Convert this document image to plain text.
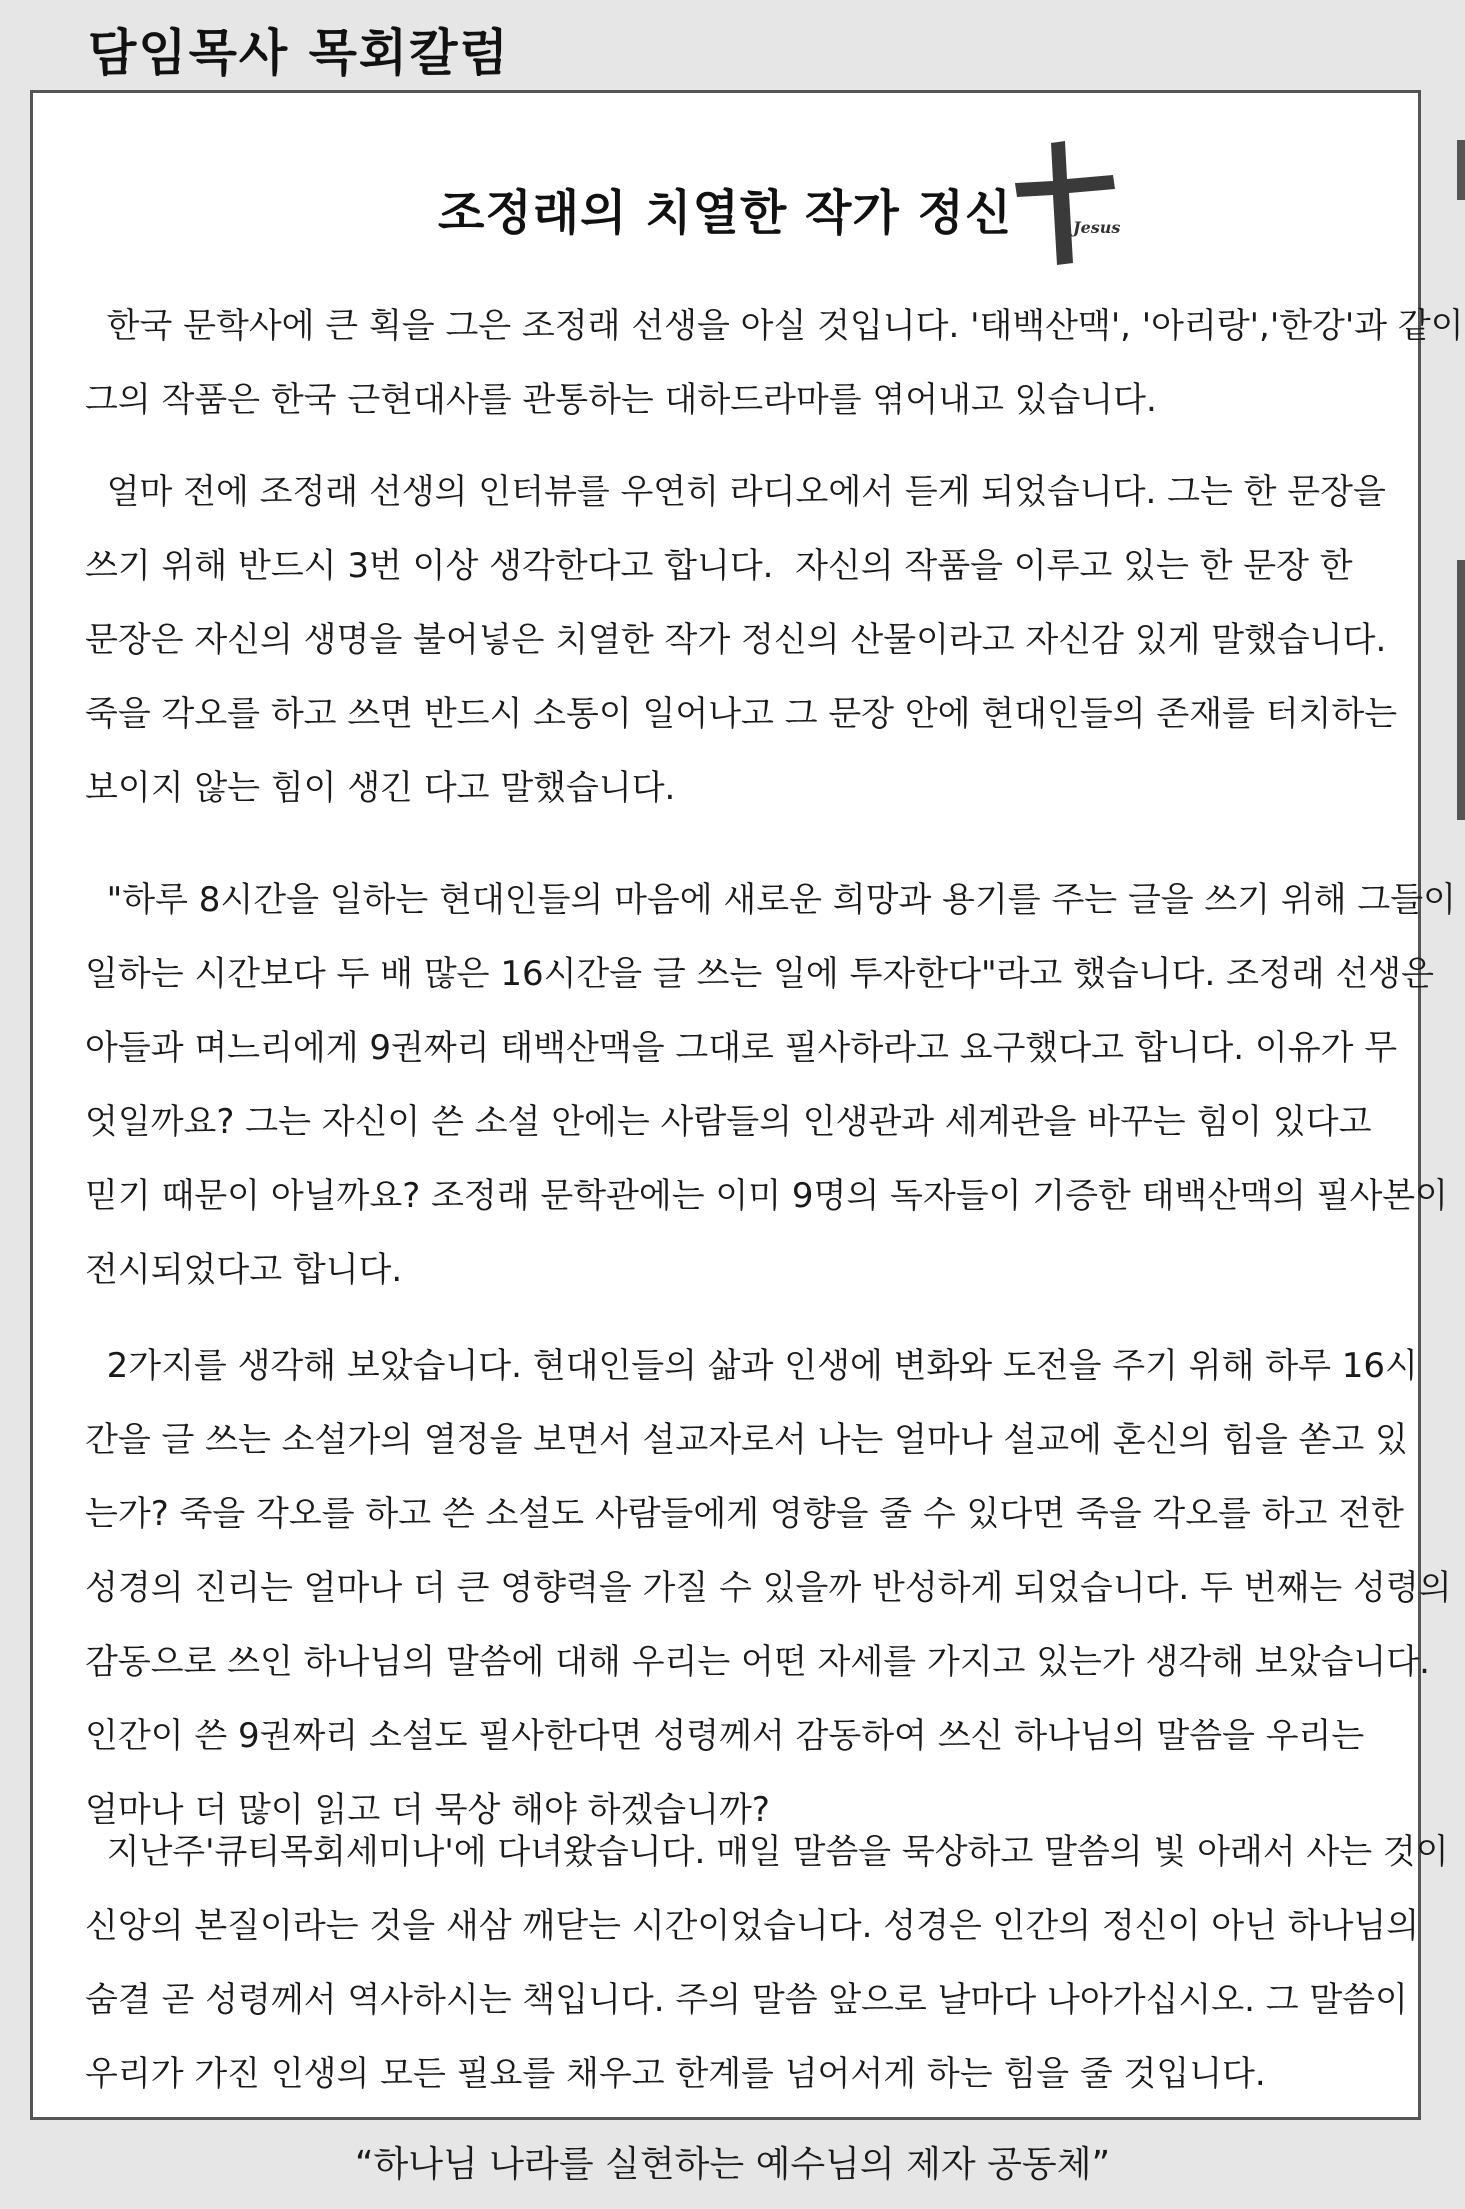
담임목사 목회칼럼
조정래의 치열한 작가 정신	Jesus
한국 문학사에 큰 획을 그은 조정래 선생을 아실 것입니다. '태백산맥', '아리랑','한강'과 같이
그의 작품은 한국 근현대사를 관통하는 대하드라마를 엮어내고 있습니다.
얼마 전에 조정래 선생의 인터뷰를 우연히 라디오에서 듣게 되었습니다. 그는 한 문장을
쓰기 위해 반드시 3번 이상 생각한다고 합니다.  자신의 작품을 이루고 있는 한 문장 한
문장은 자신의 생명을 불어넣은 치열한 작가 정신의 산물이라고 자신감 있게 말했습니다.
죽을 각오를 하고 쓰면 반드시 소통이 일어나고 그 문장 안에 현대인들의 존재를 터치하는
보이지 않는 힘이 생긴 다고 말했습니다.
"하루 8시간을 일하는 현대인들의 마음에 새로운 희망과 용기를 주는 글을 쓰기 위해 그들이
일하는 시간보다 두 배 많은 16시간을 글 쓰는 일에 투자한다"라고 했습니다. 조정래 선생은
아들과 며느리에게 9권짜리 태백산맥을 그대로 필사하라고 요구했다고 합니다. 이유가 무
엇일까요? 그는 자신이 쓴 소설 안에는 사람들의 인생관과 세계관을 바꾸는 힘이 있다고
믿기 때문이 아닐까요? 조정래 문학관에는 이미 9명의 독자들이 기증한 태백산맥의 필사본이
전시되었다고 합니다.
2가지를 생각해 보았습니다. 현대인들의 삶과 인생에 변화와 도전을 주기 위해 하루 16시
간을 글 쓰는 소설가의 열정을 보면서 설교자로서 나는 얼마나 설교에 혼신의 힘을 쏟고 있
는가? 죽을 각오를 하고 쓴 소설도 사람들에게 영향을 줄 수 있다면 죽을 각오를 하고 전한
성경의 진리는 얼마나 더 큰 영향력을 가질 수 있을까 반성하게 되었습니다. 두 번째는 성령의
감동으로 쓰인 하나님의 말씀에 대해 우리는 어떤 자세를 가지고 있는가 생각해 보았습니다.
인간이 쓴 9권짜리 소설도 필사한다면 성령께서 감동하여 쓰신 하나님의 말씀을 우리는
얼마나 더 많이 읽고 더 묵상 해야 하겠습니까?
지난주'큐티목회세미나'에 다녀왔습니다. 매일 말씀을 묵상하고 말씀의 빛 아래서 사는 것이
신앙의 본질이라는 것을 새삼 깨닫는 시간이었습니다. 성경은 인간의 정신이 아닌 하나님의
숨결 곧 성령께서 역사하시는 책입니다. 주의 말씀 앞으로 날마다 나아가십시오. 그 말씀이
우리가 가진 인생의 모든 필요를 채우고 한계를 넘어서게 하는 힘을 줄 것입니다.
“하나님 나라를 실현하는 예수님의 제자 공동체”
